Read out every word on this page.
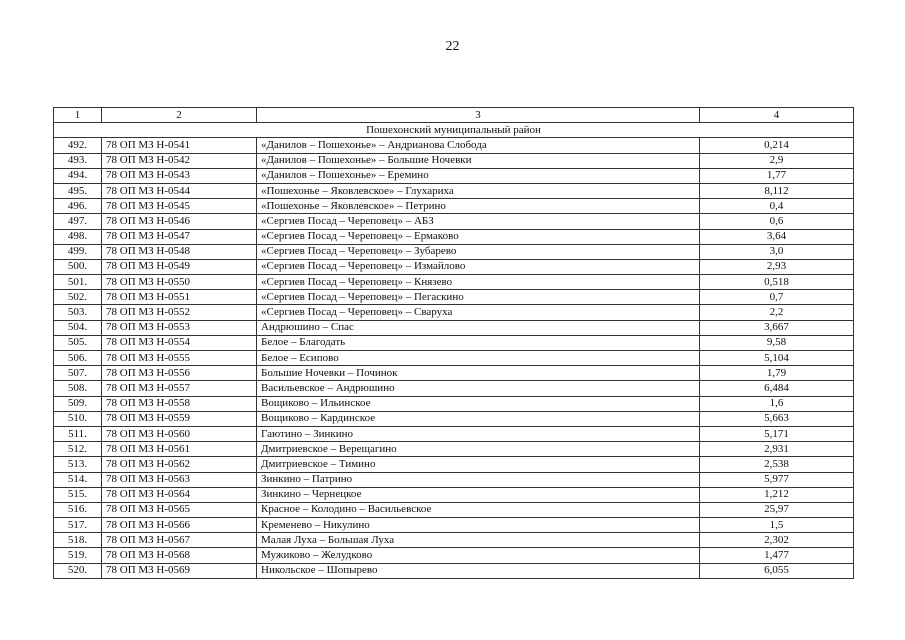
22
1	2	3	4
Пошехонский муниципальный район			
492.	78 ОП МЗ Н-0541	«Данилов – Пошехонье» – Андрианова Слобода	0,214
493.	78 ОП МЗ Н-0542	«Данилов – Пошехонье» – Большие Ночевки	2,9
494.	78 ОП МЗ Н-0543	«Данилов – Пошехонье» – Еремино	1,77
495.	78 ОП МЗ Н-0544	«Пошехонье – Яковлевское» – Глухариха	8,112
496.	78 ОП МЗ Н-0545	«Пошехонье – Яковлевское» – Петрино	0,4
497.	78 ОП МЗ Н-0546	«Сергиев Посад – Череповец» – АБЗ	0,6
498.	78 ОП МЗ Н-0547	«Сергиев Посад – Череповец» – Ермаково	3,64
499.	78 ОП МЗ Н-0548	«Сергиев Посад – Череповец» – Зубарево	3,0
500.	78 ОП МЗ Н-0549	«Сергиев Посад – Череповец» – Измайлово	2,93
501.	78 ОП МЗ Н-0550	«Сергиев Посад – Череповец» – Князево	0,518
502.	78 ОП МЗ Н-0551	«Сергиев Посад – Череповец» – Пегаскино	0,7
503.	78 ОП МЗ Н-0552	«Сергиев Посад – Череповец» – Сваруха	2,2
504.	78 ОП МЗ Н-0553	Андрюшино – Спас	3,667
505.	78 ОП МЗ Н-0554	Белое – Благодать	9,58
506.	78 ОП МЗ Н-0555	Белое – Есипово	5,104
507.	78 ОП МЗ Н-0556	Большие Ночевки – Починок	1,79
508.	78 ОП МЗ Н-0557	Васильевское – Андрюшино	6,484
509.	78 ОП МЗ Н-0558	Вощиково – Ильинское	1,6
510.	78 ОП МЗ Н-0559	Вощиково – Кардинское	5,663
511.	78 ОП МЗ Н-0560	Гаютино – Зинкино	5,171
512.	78 ОП МЗ Н-0561	Дмитриевское – Верещагино	2,931
513.	78 ОП МЗ Н-0562	Дмитриевское – Тимино	2,538
514.	78 ОП МЗ Н-0563	Зинкино – Патрино	5,977
515.	78 ОП МЗ Н-0564	Зинкино – Чернецкое	1,212
516.	78 ОП МЗ Н-0565	Красное – Колодино – Васильевское	25,97
517.	78 ОП МЗ Н-0566	Кременево – Никулино	1,5
518.	78 ОП МЗ Н-0567	Малая Луха – Большая Луха	2,302
519.	78 ОП МЗ Н-0568	Мужиково – Желудково	1,477
520.	78 ОП МЗ Н-0569	Никольское – Шопырево	6,055
